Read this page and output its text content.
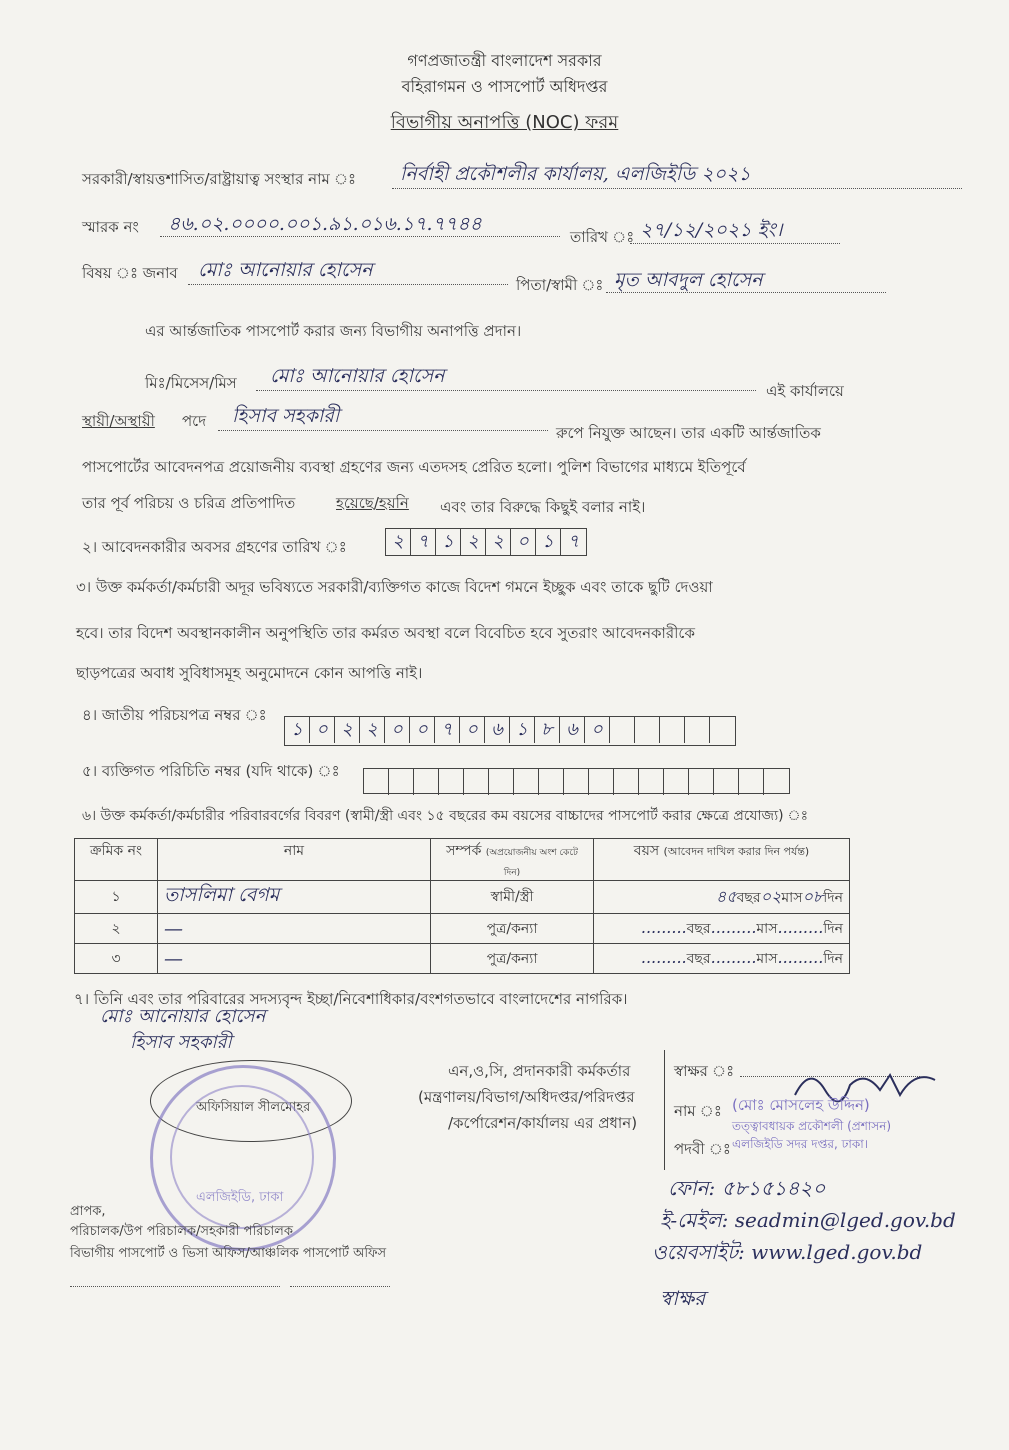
গণপ্রজাতন্ত্রী বাংলাদেশ সরকার
বহিরাগমন ও পাসপোর্ট অধিদপ্তর
বিভাগীয় অনাপত্তি (NOC) ফরম
সরকারী/স্বায়ত্তশাসিত/রাষ্ট্রায়াত্ব সংস্থার নাম ঃ নির্বাহী প্রকৌশলীর কার্যালয়, এলজিইডি ২০২১
স্মারক নং ৪৬.০২.০০০০.০০১.৯১.০১৬.১৭.৭৭৪৪
তারিখ ঃ ২৭/১২/২০২১ ইং।
বিষয় ঃ জনাব মোঃ আনোয়ার হোসেন
পিতা/স্বামী ঃ মৃত আবদুল হোসেন
এর আর্ন্তজাতিক পাসপোর্ট করার জন্য বিভাগীয় অনাপত্তি প্রদান।
মিঃ/মিসেস/মিস মোঃ আনোয়ার হোসেন
এই কার্যালয়ে
স্থায়ী/অস্থায়ী পদে হিসাব সহকারী
রুপে নিযুক্ত আছেন। তার একটি আর্ন্তজাতিক
পাসপোর্টের আবেদনপত্র প্রয়োজনীয় ব্যবস্থা গ্রহণের জন্য এতদসহ প্রেরিত হলো। পুলিশ বিভাগের মাধ্যমে ইতিপূর্বে
তার পূর্ব পরিচয় ও চরিত্র প্রতিপাদিত	হয়েছে/হয়নি এবং তার বিরুদ্ধে কিছুই বলার নাই।
২। আবেদনকারীর অবসর গ্রহণের তারিখ ঃ	২ ৭ ১ ২ ২ ০ ১ ৭
৩। উক্ত কর্মকর্তা/কর্মচারী অদূর ভবিষ্যতে সরকারী/ব্যক্তিগত কাজে বিদেশ গমনে ইচ্ছুক এবং তাকে ছুটি দেওয়া
হবে। তার বিদেশ অবস্থানকালীন অনুপস্থিতি তার কর্মরত অবস্থা বলে বিবেচিত হবে সুতরাং আবেদনকারীকে
ছাড়পত্রের অবাধ সুবিধাসমূহ অনুমোদনে কোন আপত্তি নাই।
৪। জাতীয় পরিচয়পত্র নম্বর ঃ
১ ০ ২ ২ ০ ০ ৭ ০ ৬ ১ ৮ ৬ ০
৫। ব্যক্তিগত পরিচিতি নম্বর (যদি থাকে) ঃ
৬। উক্ত কর্মকর্তা/কর্মচারীর পরিবারবর্গের বিবরণ (স্বামী/স্ত্রী এবং ১৫ বছরের কম বয়সের বাচ্চাদের পাসপোর্ট করার ক্ষেত্রে প্রযোজ্য) ঃ
ক্রমিক নং	নাম	সম্পর্ক (অপ্রয়োজনীয় অংশ কেটে দিন)	বয়স (আবেদন দাখিল করার দিন পর্যন্ত)
১	তাসলিমা বেগম	স্বামী/স্ত্রী	৪৫বছর০২মাস০৮দিন
২	—	পুত্র/কন্যা	.........বছর.........মাস.........দিন
৩	—	পুত্র/কন্যা	.........বছর.........মাস.........দিন
৭। তিনি এবং তার পরিবারের সদস্যবৃন্দ ইচ্ছা/নিবেশাধিকার/বংশগতভাবে বাংলাদেশের নাগরিক।
মোঃ আনোয়ার হোসেন
হিসাব সহকারী
অফিসিয়াল সীলমোহর
এলজিইডি, ঢাকা
এন,ও,সি, প্রদানকারী কর্মকর্তার
(মন্ত্রণালয়/বিভাগ/অধিদপ্তর/পরিদপ্তর
/কর্পোরেশন/কার্যালয় এর প্রধান)
স্বাক্ষর ঃ
নাম ঃ (মোঃ মোসলেহ উদ্দিন)
তত্ত্বাবধায়ক প্রকৌশলী (প্রশাসন)
পদবী ঃ এলজিইডি সদর দপ্তর, ঢাকা।
ফোন: ৫৮১৫১৪২০
ই-মেইল: seadmin@lged.gov.bd
ওয়েবসাইট: www.lged.gov.bd
স্বাক্ষর
প্রাপক,
পরিচালক/উপ পরিচালক/সহকারী পরিচালক
বিভাগীয় পাসপোর্ট ও ভিসা অফিস/আঞ্চলিক পাসপোর্ট অফিস
